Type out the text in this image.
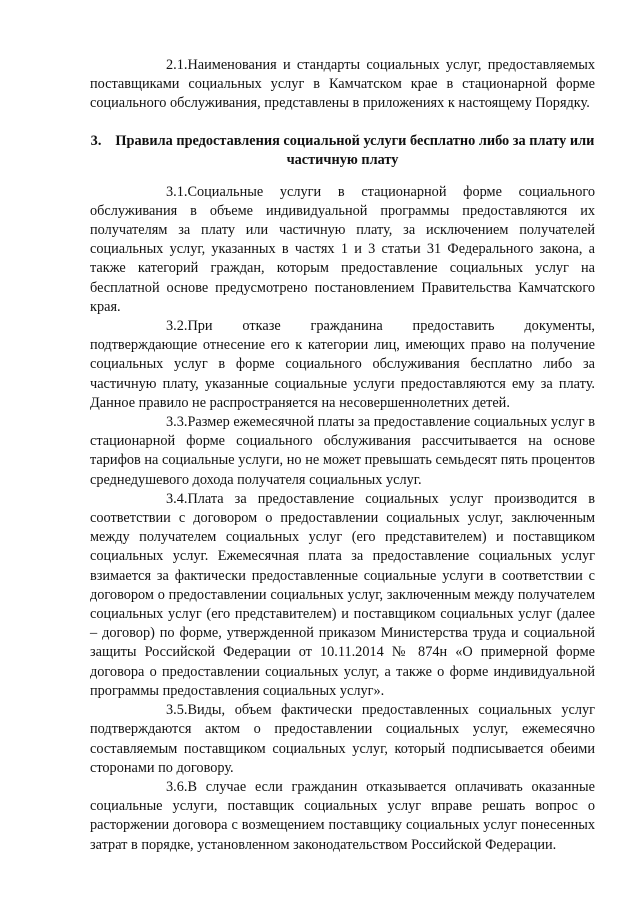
2.1.Наименования и стандарты социальных услуг, предоставляемых поставщиками социальных услуг в Камчатском крае в стационарной форме социального обслуживания, представлены в приложениях к настоящему Порядку.

3. Правила предоставления социальной услуги бесплатно либо за плату или частичную плату

3.1.Социальные услуги в стационарной форме социального обслуживания в объеме индивидуальной программы предоставляются их получателям за плату или частичную плату, за исключением получателей социальных услуг, указанных в частях 1 и 3 статьи 31 Федерального закона, а также категорий граждан, которым предоставление социальных услуг на бесплатной основе предусмотрено постановлением Правительства Камчатского края.

3.2.При отказе гражданина предоставить документы, подтверждающие отнесение его к категории лиц, имеющих право на получение социальных услуг в форме социального обслуживания бесплатно либо за частичную плату, указанные социальные услуги предоставляются ему за плату. Данное правило не распространяется на несовершеннолетних детей.

3.3.Размер ежемесячной платы за предоставление социальных услуг в стационарной форме социального обслуживания рассчитывается на основе тарифов на социальные услуги, но не может превышать семьдесят пять процентов среднедушевого дохода получателя социальных услуг.

3.4.Плата за предоставление социальных услуг производится в соответствии с договором о предоставлении социальных услуг, заключенным между получателем социальных услуг (его представителем) и поставщиком социальных услуг. Ежемесячная плата за предоставление социальных услуг взимается за фактически предоставленные социальные услуги в соответствии с договором о предоставлении социальных услуг, заключенным между получателем социальных услуг (его представителем) и поставщиком социальных услуг (далее – договор) по форме, утвержденной приказом Министерства труда и социальной защиты Российской Федерации от 10.11.2014 № 874н «О примерной форме договора о предоставлении социальных услуг, а также о форме индивидуальной программы предоставления социальных услуг».

3.5.Виды, объем фактически предоставленных социальных услуг подтверждаются актом о предоставлении социальных услуг, ежемесячно составляемым поставщиком социальных услуг, который подписывается обеими сторонами по договору.

3.6.В случае если гражданин отказывается оплачивать оказанные социальные услуги, поставщик социальных услуг вправе решать вопрос о расторжении договора с возмещением поставщику социальных услуг понесенных затрат в порядке, установленном законодательством Российской Федерации.
